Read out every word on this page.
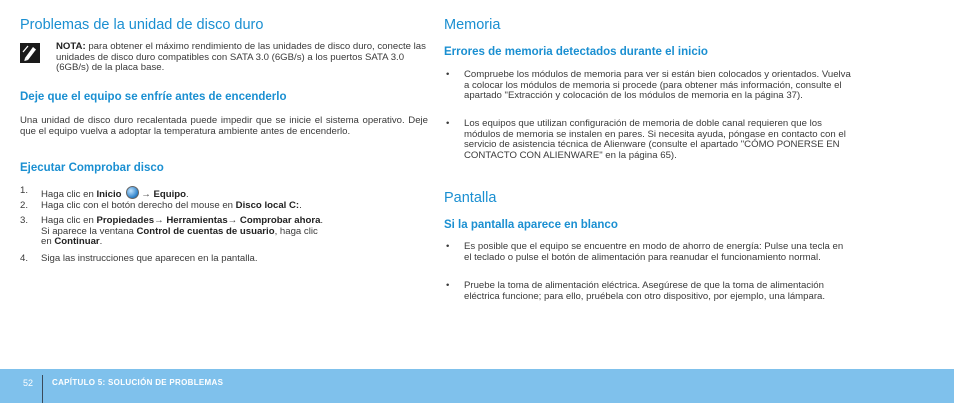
Problemas de la unidad de disco duro
NOTA: para obtener el máximo rendimiento de las unidades de disco duro, conecte las unidades de disco duro compatibles con SATA 3.0 (6GB/s) a los puertos SATA 3.0 (6GB/s) de la placa base.
Deje que el equipo se enfríe antes de encenderlo

Una unidad de disco duro recalentada puede impedir que se inicie el sistema operativo. Deje que el equipo vuelva a adoptar la temperatura ambiente antes de encenderlo.

Ejecutar Comprobar disco
1. Haga clic en Inicio → Equipo.
2. Haga clic con el botón derecho del mouse en Disco local C:.
3. Haga clic en Propiedades→ Herramientas→ Comprobar ahora.
Si aparece la ventana Control de cuentas de usuario, haga clic
en Continuar.
4. Siga las instrucciones que aparecen en la pantalla.
Memoria
Errores de memoria detectados durante el inicio
• Compruebe los módulos de memoria para ver si están bien colocados y orientados. Vuelva a colocar los módulos de memoria si procede (para obtener más información, consulte el apartado "Extracción y colocación de los módulos de memoria en la página 37).

• Los equipos que utilizan configuración de memoria de doble canal requieren que los módulos de memoria se instalen en pares. Si necesita ayuda, póngase en contacto con el servicio de asistencia técnica de Alienware (consulte el apartado "CÓMO PONERSE EN CONTACTO CON ALIENWARE" en la página 65).

Pantalla
Si la pantalla aparece en blanco
• Es posible que el equipo se encuentre en modo de ahorro de energía: Pulse una tecla en el teclado o pulse el botón de alimentación para reanudar el funcionamiento normal.

• Pruebe la toma de alimentación eléctrica. Asegúrese de que la toma de alimentación eléctrica funcione; para ello, pruébela con otro dispositivo, por ejemplo, una lámpara.

52 CAPÍTULO 5: SOLUCIÓN DE PROBLEMAS
